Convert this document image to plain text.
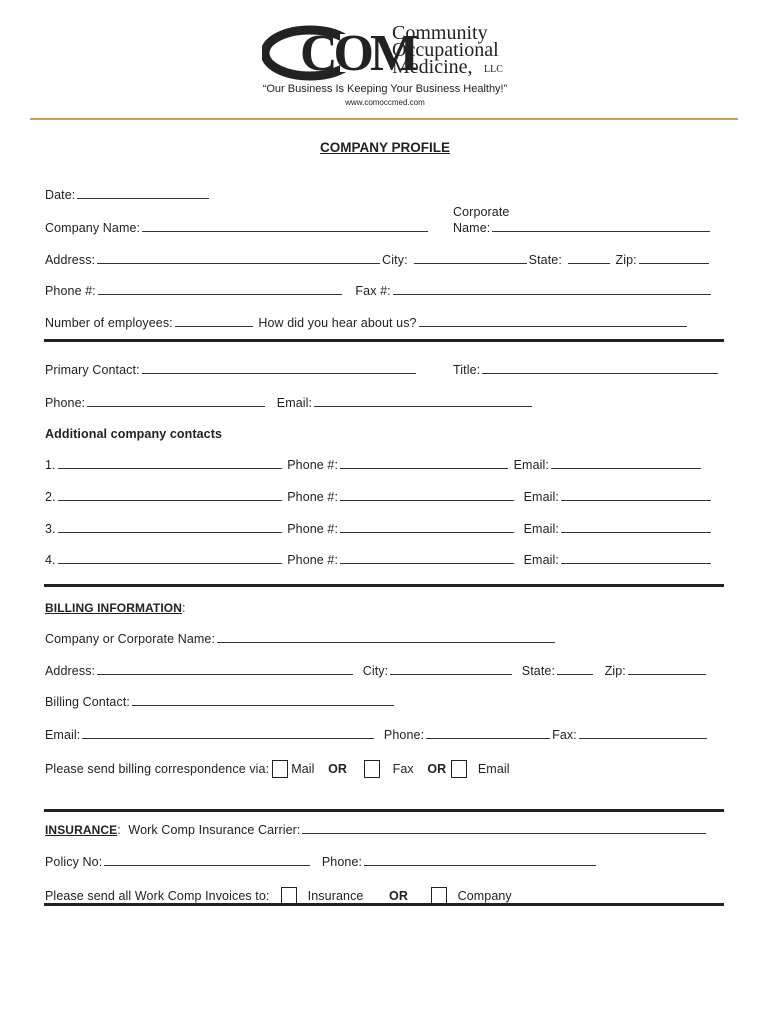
COM
Community
Occupational
Medicine, LLC
“Our Business Is Keeping Your Business Healthy!”
www.comoccmed.com
COMPANY PROFILE
Date:
Corporate
Company Name:	Name:
Address:	City:	State:	Zip:
Phone #:	Fax #:
Number of employees:	How did you hear about us?
Primary Contact:	Title:
Phone:	Email:
Additional company contacts
1.	Phone #:	Email:
2.	Phone #:	Email:
3.	Phone #:	Email:
4.	Phone #:	Email:
BILLING INFORMATION:
Company or Corporate Name:
Address:	City:	State:	Zip:
Billing Contact:
Email:	Phone:	Fax:
Please send billing correspondence via: Mail OR	Fax OR	Email
INSURANCE: Work Comp Insurance Carrier:
Policy No:	Phone:
Please send all Work Comp Invoices to:	Insurance OR	Company
